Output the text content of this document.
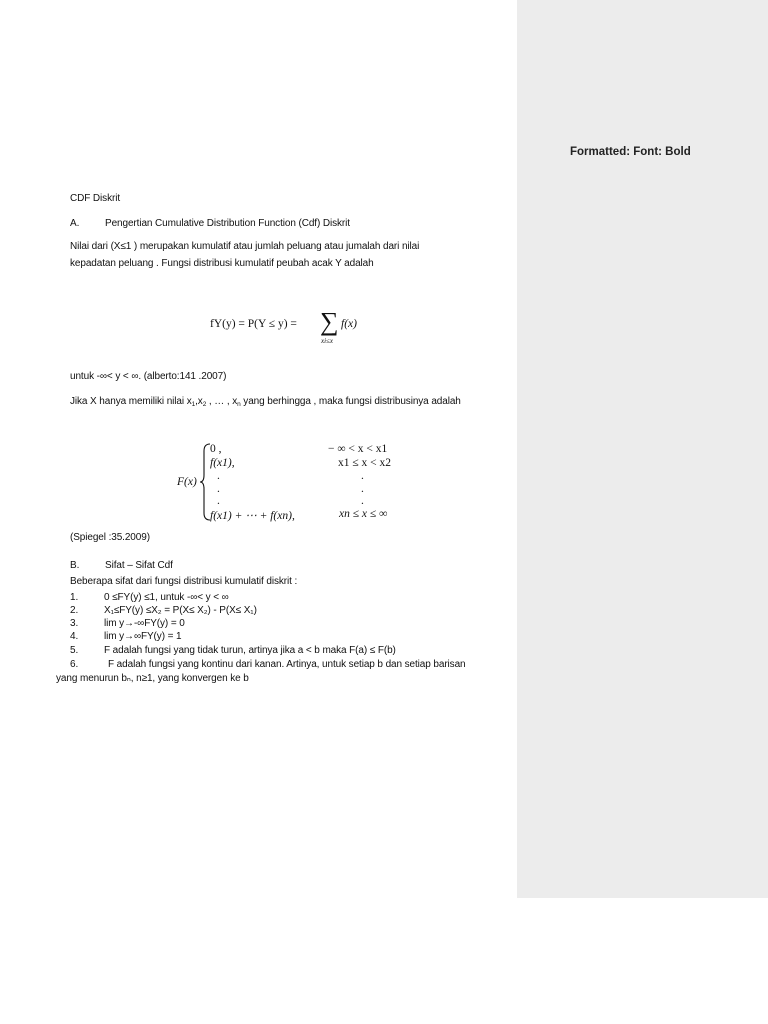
Formatted: Font: Bold
CDF Diskrit
A.	Pengertian Cumulative Distribution Function (Cdf) Diskrit
Nilai dari (X≤1 ) merupakan kumulatif atau jumlah peluang atau jumalah dari nilai
kepadatan peluang . Fungsi distribusi kumulatif peubah acak Y adalah
fY(y) = P(Y ≤ y) = ∑
xi≤x
f(x)
untuk -∞< y < ∞. (alberto:141 .2007)
Jika X hanya memiliki nilai $x_1,x_2$ , … , $x_n$ yang berhingga , maka fungsi distribusinya adalah
F(x)
0 ,	− ∞ < x < x1
f(x1),	x1 ≤ x < x2
.	.
.	.
.	.
f(x1) + ⋯ + f(xn),	xn ≤ x ≤ ∞
(Spiegel :35.2009)
B.	Sifat – Sifat Cdf
Beberapa sifat dari fungsi distribusi kumulatif diskrit :
1.	0 ≤FY(y) ≤1, untuk -∞< y < ∞
2.	X₁≤FY(y) ≤X₂ = P(X≤ X₂) - P(X≤ X₁)
3.	lim y→-∞FY(y) = 0
4.	lim y→∞FY(y) = 1
5.	F adalah fungsi yang tidak turun, artinya jika a < b maka F(a) ≤ F(b)
6.	F adalah fungsi yang kontinu dari kanan. Artinya, untuk setiap b dan setiap barisan
yang menurun bₙ, n≥1, yang konvergen ke b
